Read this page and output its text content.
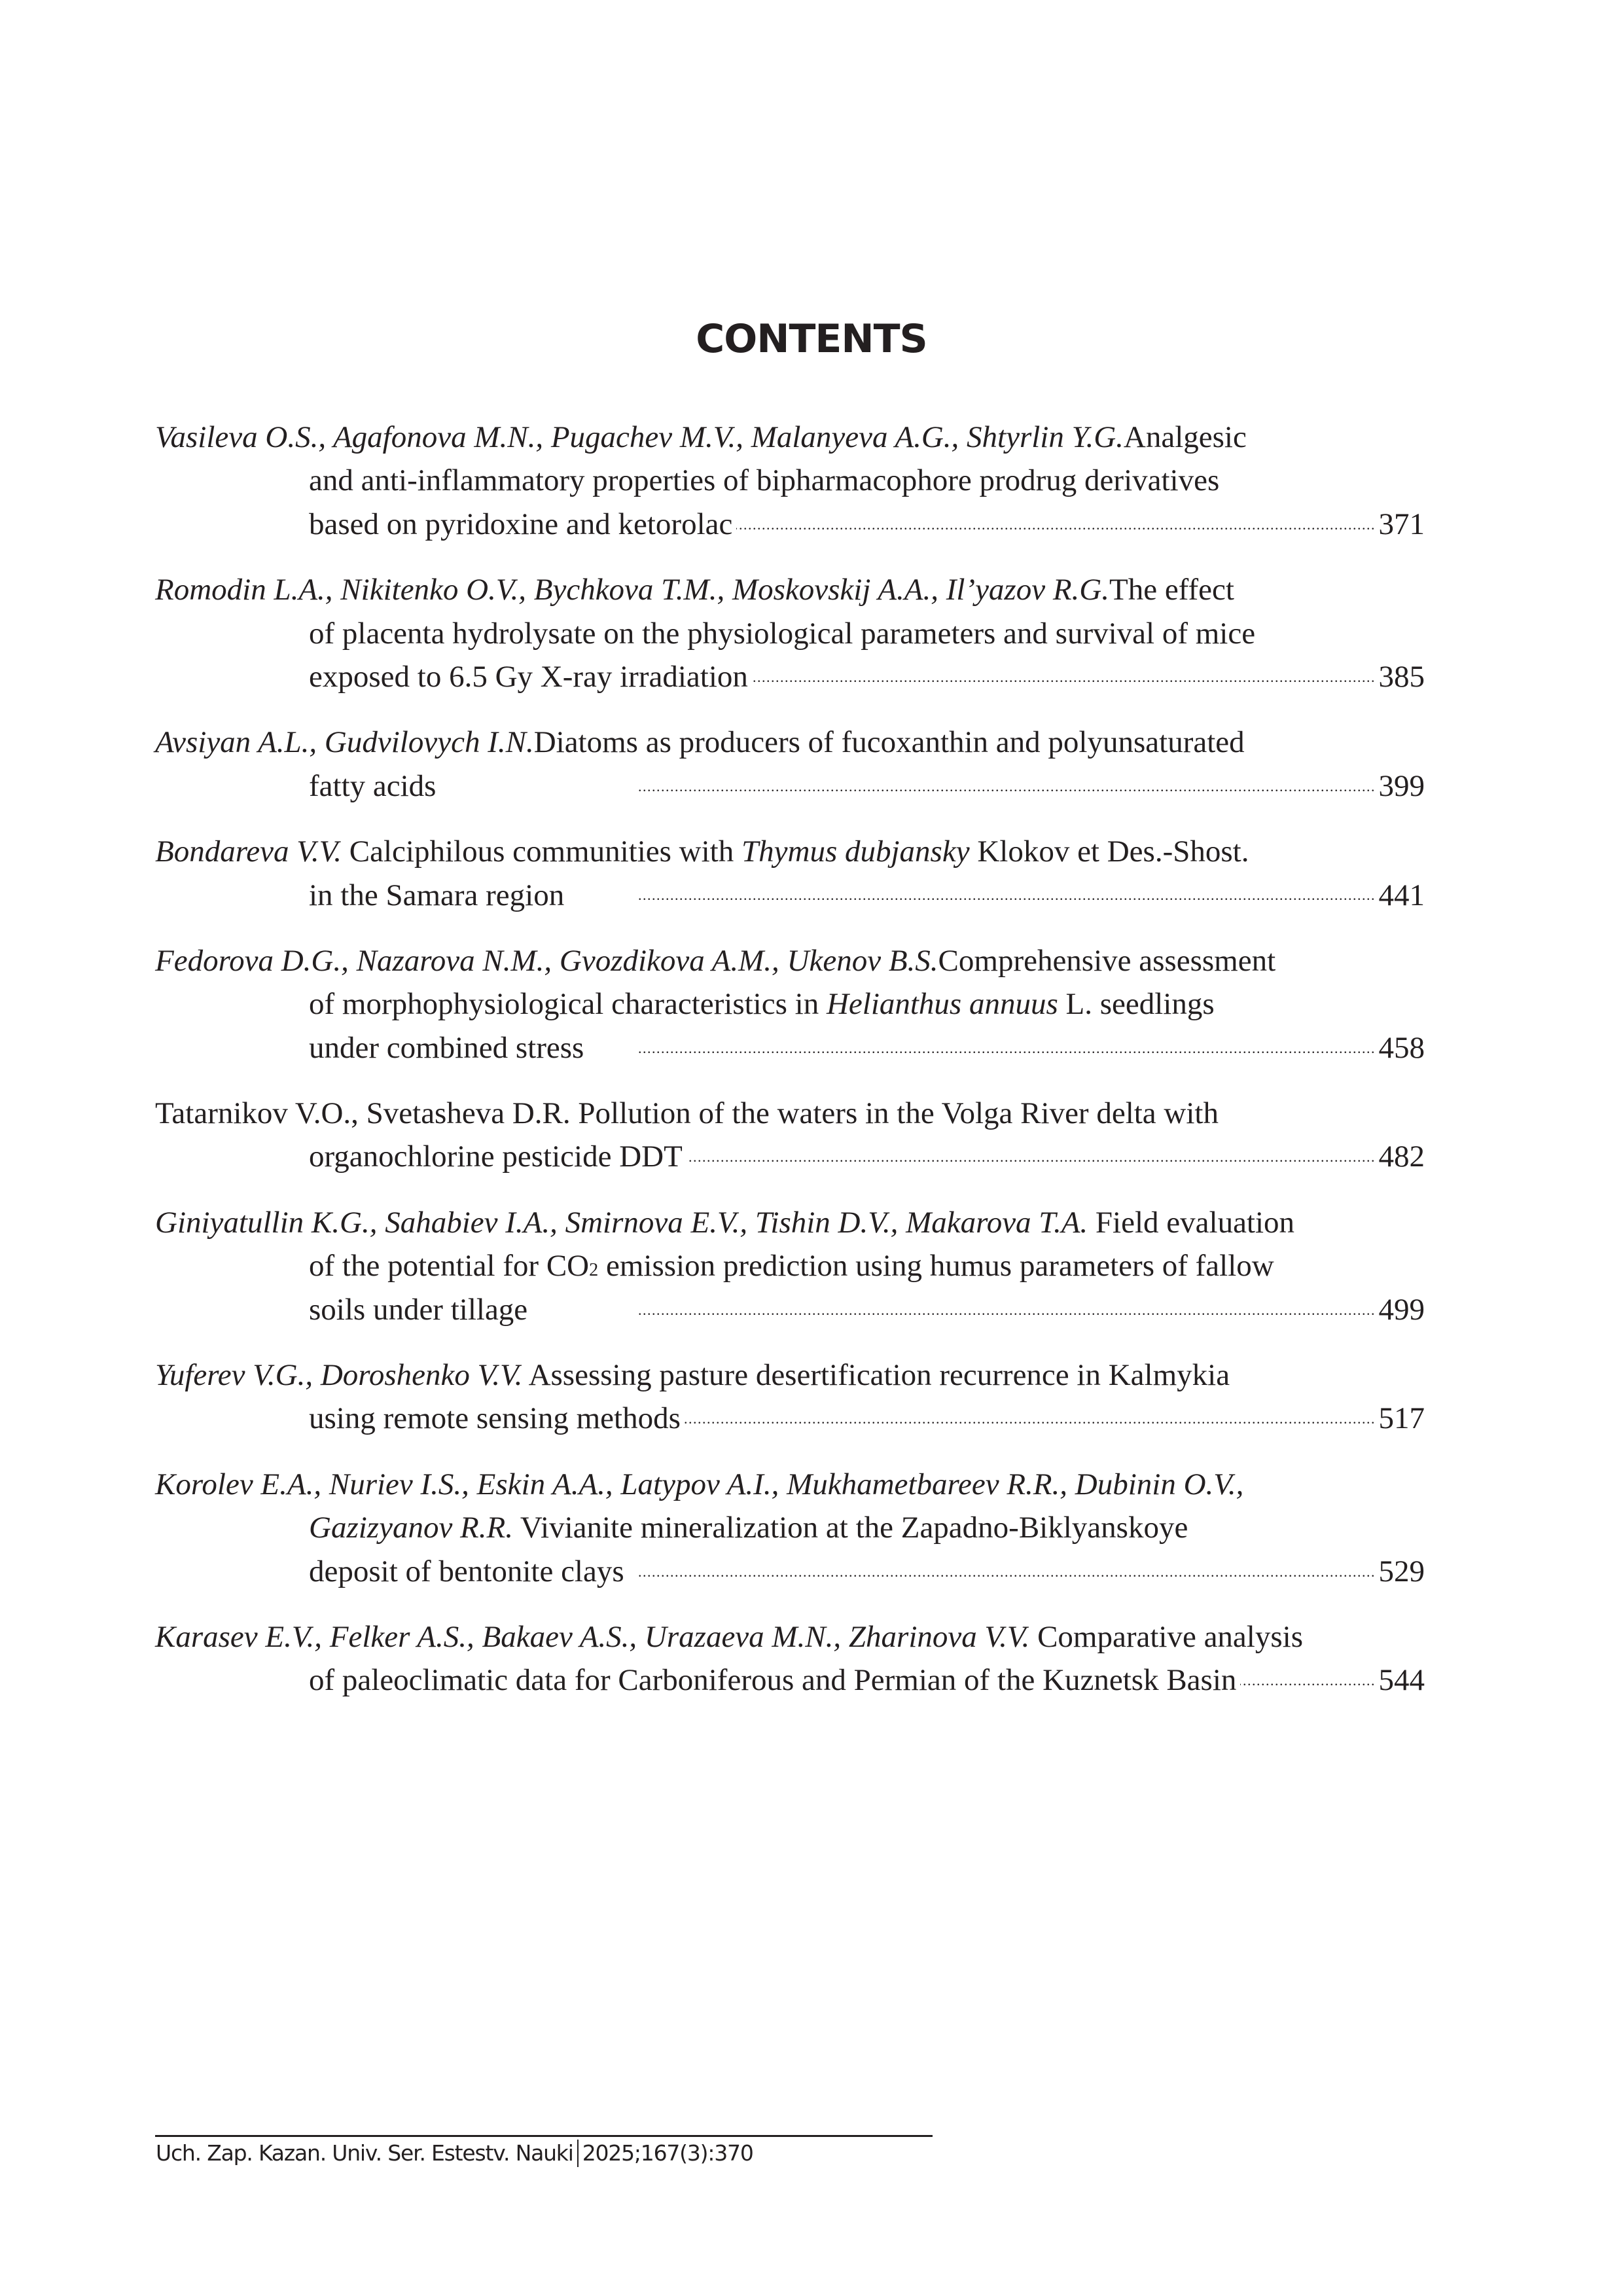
CONTENTS
Vasileva O.S., Agafonova M.N., Pugachev M.V., Malanyeva A.G., Shtyrlin Y.G. Analgesic
and anti-inflammatory properties of bipharmacophore prodrug derivatives
based on pyridoxine and ketorolac . . .	371
Romodin L.A., Nikitenko O.V., Bychkova T.M., Moskovskij A.A., Il’yazov R.G. The effect
of placenta hydrolysate on the physiological parameters and survival of mice
exposed to 6.5 Gy X-ray irradiation . . .	385
Avsiyan A.L., Gudvilovych I.N. Diatoms as producers of fucoxanthin and polyunsaturated
fatty acids . . .	399
Bondareva V.V. Calciphilous communities with Thymus dubjansky Klokov et Des.-Shost.
in the Samara region . . .	441
Fedorova D.G., Nazarova N.M., Gvozdikova A.M., Ukenov B.S. Comprehensive assessment
of morphophysiological characteristics in Helianthus annuus L. seedlings
under combined stress . . .	458
Tatarnikov V.O., Svetasheva D.R. Pollution of the waters in the Volga River delta with
organochlorine pesticide DDT . . .	482
Giniyatullin K.G., Sahabiev I.A., Smirnova E.V., Tishin D.V., Makarova T.A. Field evaluation
of the potential for CO 2 emission prediction using humus parameters of fallow
soils under tillage . . .	499
Yuferev V.G., Doroshenko V.V. Assessing pasture desertification recurrence in Kalmykia
using remote sensing methods . . .	517
Korolev E.A., Nuriev I.S., Eskin A.A., Latypov A.I., Mukhametbareev R.R., Dubinin O.V.,
Gazizyanov R.R. Vivianite mineralization at the Zapadno-Biklyanskoye
deposit of bentonite clays . . .	529
Karasev E.V., Felker A.S., Bakaev A.S., Urazaeva M.N., Zharinova V.V. Comparative analysis
of paleoclimatic data for Carboniferous and Permian of the Kuznetsk Basin . . .	544
Uch. Zap. Kazan. Univ. Ser. Estestv. Nauki 2025;167(3):370
